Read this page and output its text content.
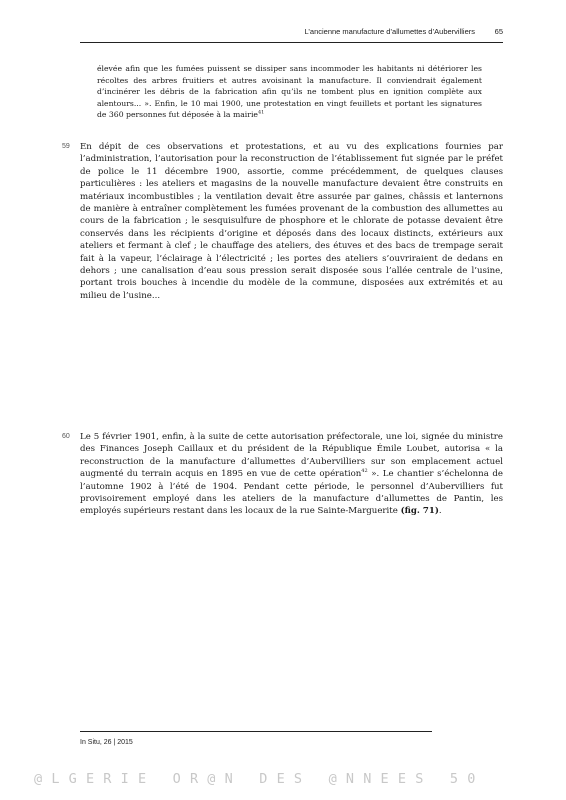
L’ancienne manufacture d’allumettes d’Aubervilliers	65
élevée afin que les fumées puissent se dissiper sans incommoder les habitants ni détériorer les récoltes des arbres fruitiers et autres avoisinant la manufacture. Il conviendrait également d’incinérer les débris de la fabrication afin qu’ils ne tombent plus en ignition complète aux alentours... ». Enfin, le 10 mai 1900, une protestation en vingt feuillets et portant les signatures de 360 personnes fut déposée à la mairie$^{41}$
59 En dépit de ces observations et protestations, et au vu des explications fournies par l’administration, l’autorisation pour la reconstruction de l’établissement fut signée par le préfet de police le 11 décembre 1900, assortie, comme précédemment, de quelques clauses particulières : les ateliers et magasins de la nouvelle manufacture devaient être construits en matériaux incombustibles ; la ventilation devait être assurée par gaines, châssis et lanternons de manière à entraîner complètement les fumées provenant de la combustion des allumettes au cours de la fabrication ; le sesquisulfure de phosphore et le chlorate de potasse devaient être conservés dans les récipients d’origine et déposés dans des locaux distincts, extérieurs aux ateliers et fermant à clef ; le chauffage des ateliers, des étuves et des bacs de trempage serait fait à la vapeur, l’éclairage à l’électricité ; les portes des ateliers s’ouvriraient de dedans en dehors ; une canalisation d’eau sous pression serait disposée sous l’allée centrale de l’usine, portant trois bouches à incendie du modèle de la commune, disposées aux extrémités et au milieu de l’usine...
60 Le 5 février 1901, enfin, à la suite de cette autorisation préfectorale, une loi, signée du ministre des Finances Joseph Caillaux et du président de la République Émile Loubet, autorisa « la reconstruction de la manufacture d’allumettes d’Aubervilliers sur son emplacement actuel augmenté du terrain acquis en 1895 en vue de cette opération$^{42}$ ». Le chantier s’échelonna de l’automne 1902 à l’été de 1904. Pendant cette période, le personnel d’Aubervilliers fut provisoirement employé dans les ateliers de la manufacture d’allumettes de Pantin, les employés supérieurs restant dans les locaux de la rue Sainte-Marguerite (fig. 71).
In Situ, 26 | 2015
@LGERIE OR@N DES @NNEES 50
